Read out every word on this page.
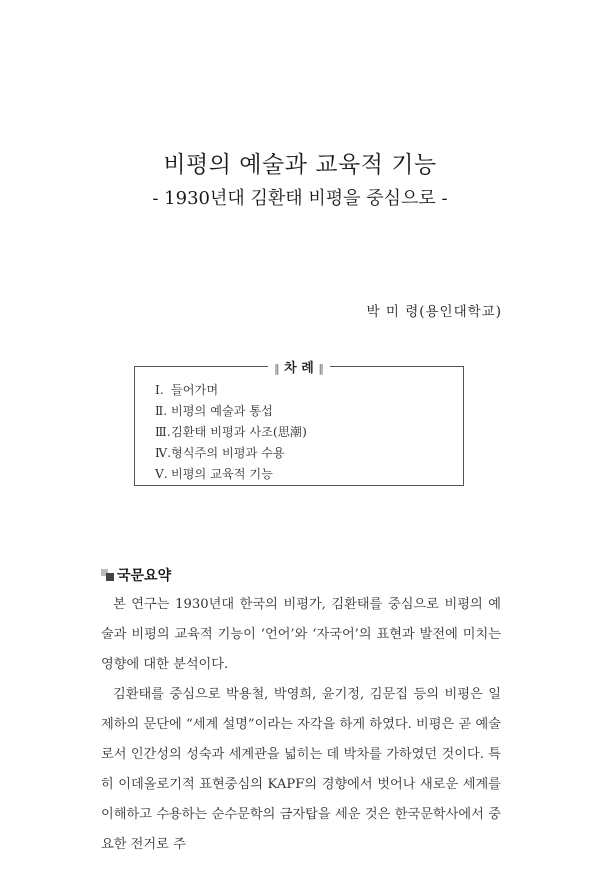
비평의 예술과 교육적 기능
- 1930년대 김환태 비평을 중심으로 -
박 미 령(용인대학교)
‖ 차 례 ‖
Ⅰ. 들어가며
Ⅱ. 비평의 예술과 통섭
Ⅲ.김환태 비평과 사조(思潮)
Ⅳ.형식주의 비평과 수용
Ⅴ. 비평의 교육적 기능
국문요약

본 연구는 1930년대 한국의 비평가, 김환태를 중심으로 비평의 예술과 비평의 교육적 기능이 ‘언어’와 ‘자국어’의 표현과 발전에 미치는 영향에 대한 분석이다.

김환태를 중심으로 박용철, 박영희, 윤기정, 김문집 등의 비평은 일제하의 문단에 “세계 설명”이라는 자각을 하게 하였다. 비평은 곧 예술로서 인간성의 성숙과 세계관을 넓히는 데 박차를 가하였던 것이다. 특히 이데올로기적 표현중심의 KAPF의 경향에서 벗어나 새로운 세계를 이해하고 수용하는 순수문학의 금자탑을 세운 것은 한국문학사에서 중요한 전거로 주
